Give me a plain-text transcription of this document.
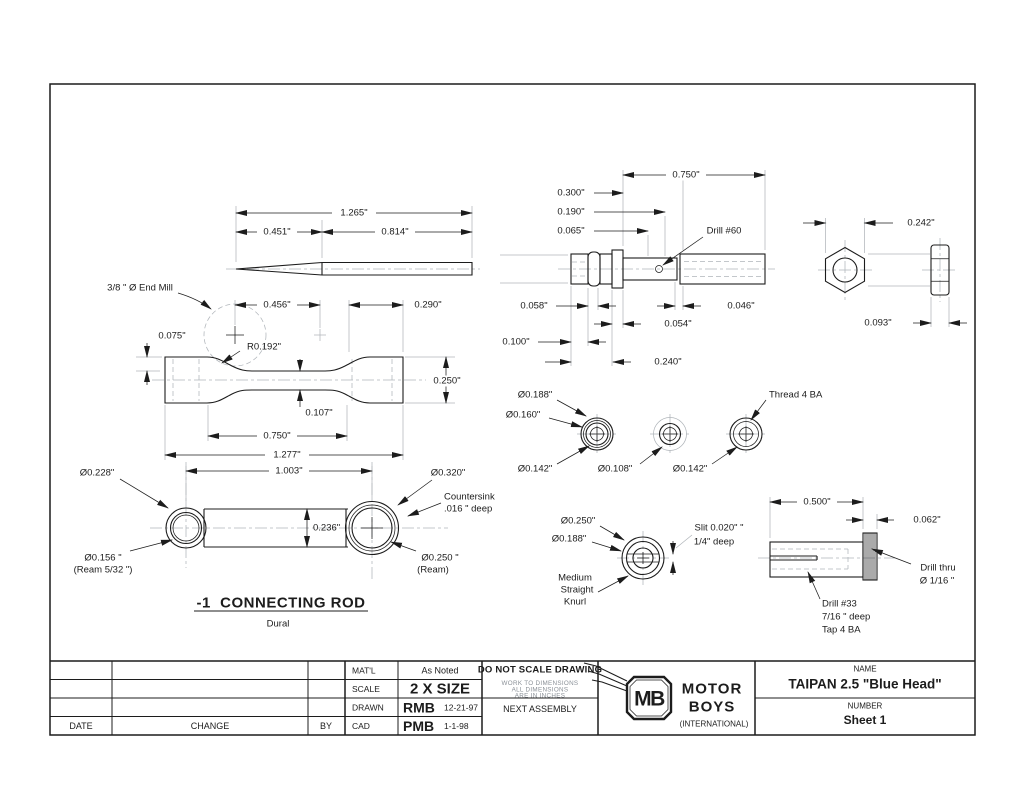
1.265"
0.451"	0.814"
3/8 " Ø End Mill
0.456"	0.290"
0.075"
R0.192"
0.250"
0.107"
0.750"
1.277"
1.003"
Ø0.228"	Ø0.320"
Countersink
.016 " deep
0.236"
Ø0.156 "
(Ream 5/32 ")
Ø0.250 "
(Ream)
-1  CONNECTING ROD
Dural
0.750"
0.300"
0.190"
0.065"	Drill #60
0.058"	0.046"
0.054"
0.100"
0.240"
0.242"
0.093"
Ø0.188"
Ø0.160"
Ø0.142"	Ø0.108"	Ø0.142"
Thread 4 BA
Ø0.250"
Ø0.188"
Medium
Straight
Knurl
Slit 0.020" "
1/4" deep
0.500"
0.062"
Drill thru
Ø 1/16 "
Drill #33
7/16 " deep
Tap 4 BA
DATE	CHANGE	BY
MAT'L	As Noted
SCALE 2 X SIZE
DRAWN RMB 12-21-97
CAD PMB 1-1-98
DO NOT SCALE DRAWING
WORK TO DIMENSIONS
ALL DIMENSIONS
ARE IN INCHES
NEXT ASSEMBLY	MB MOTOR
BOYS
(INTERNATIONAL)
NAME
TAIPAN 2.5 "Blue Head"
NUMBER
Sheet 1
